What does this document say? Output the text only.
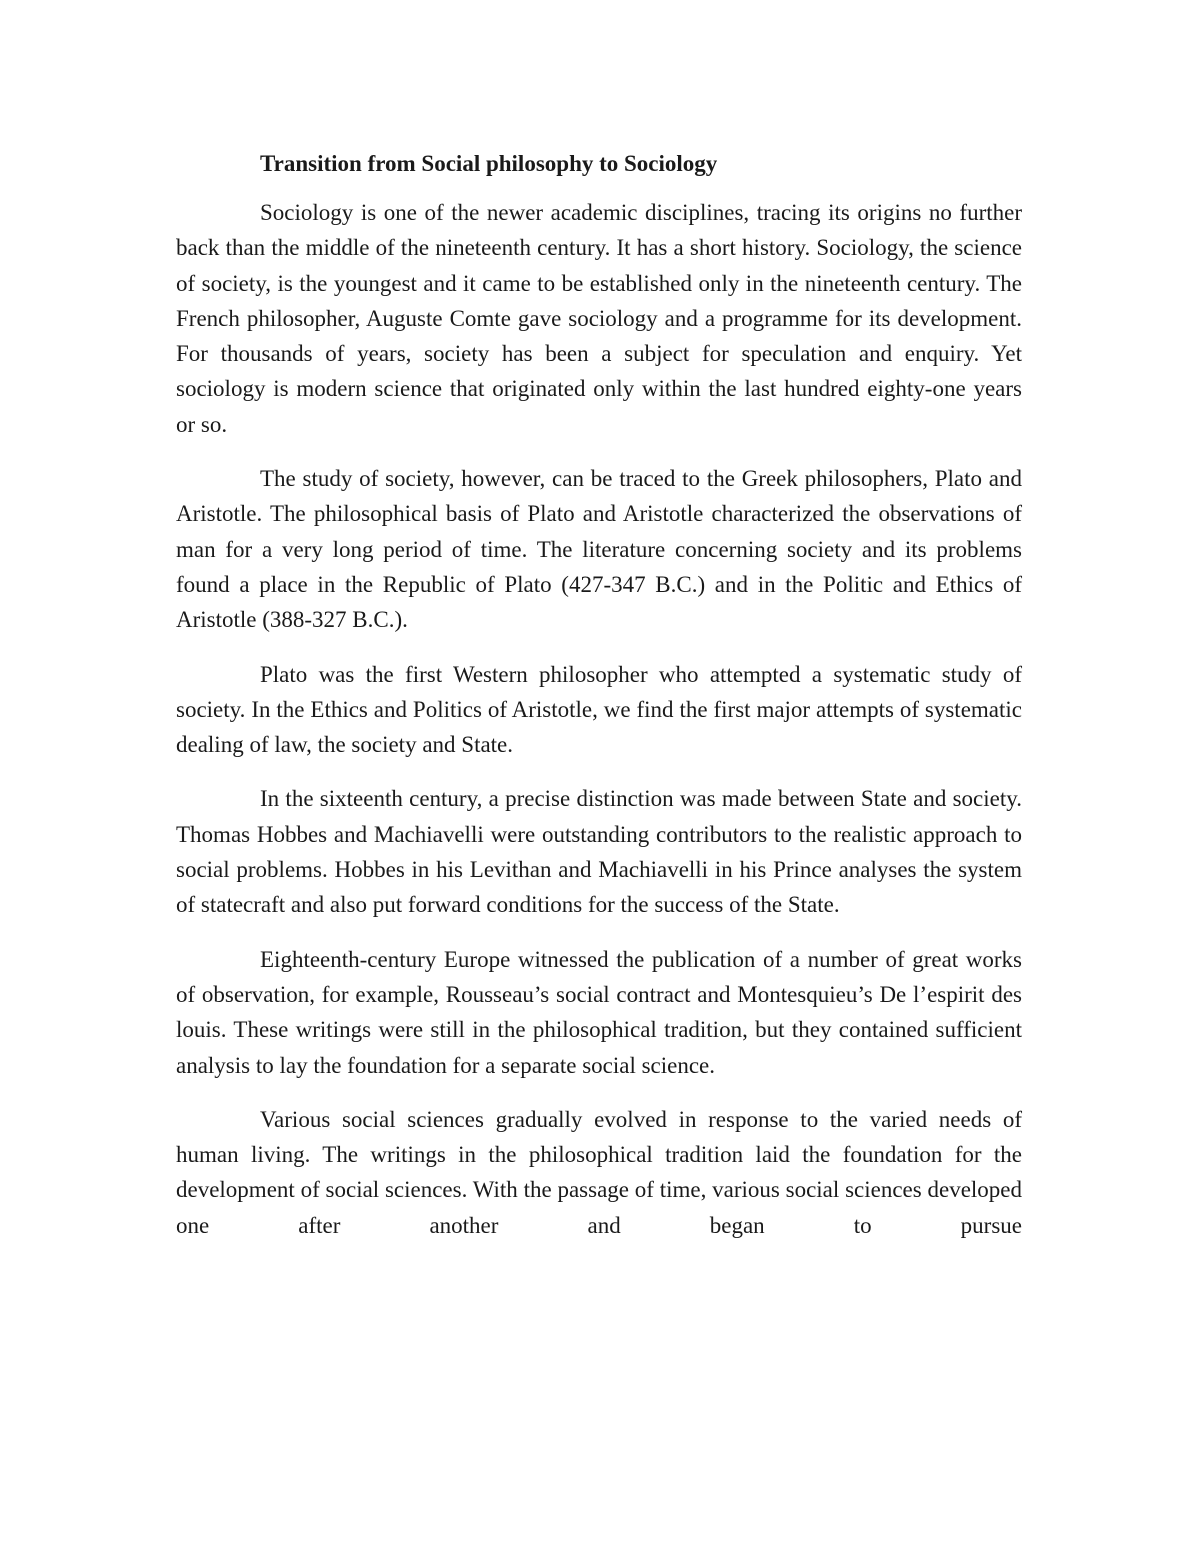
Transition from Social philosophy to Sociology

Sociology is one of the newer academic disciplines, tracing its origins no further back than the middle of the nineteenth century. It has a short history. Sociology, the science of society, is the youngest and it came to be established only in the nineteenth century. The French philosopher, Auguste Comte gave sociology and a programme for its development. For thousands of years, society has been a subject for speculation and enquiry. Yet sociology is modern science that originated only within the last hundred eighty-one years or so.

The study of society, however, can be traced to the Greek philosophers, Plato and Aristotle. The philosophical basis of Plato and Aristotle characterized the observations of man for a very long period of time. The literature concerning society and its problems found a place in the Republic of Plato (427-347 B.C.) and in the Politic and Ethics of Aristotle (388-327 B.C.).

Plato was the first Western philosopher who attempted a systematic study of society. In the Ethics and Politics of Aristotle, we find the first major attempts of systematic dealing of law, the society and State.

In the sixteenth century, a precise distinction was made between State and society. Thomas Hobbes and Machiavelli were outstanding contributors to the realistic approach to social problems. Hobbes in his Levithan and Machiavelli in his Prince analyses the system of statecraft and also put forward conditions for the success of the State.

Eighteenth-century Europe witnessed the publication of a number of great works of observation, for example, Rousseau’s social contract and Montesquieu’s De l’espirit des louis. These writings were still in the philosophical tradition, but they contained sufficient analysis to lay the foundation for a separate social science.

Various social sciences gradually evolved in response to the varied needs of human living. The writings in the philosophical tradition laid the foundation for the development of social sciences. With the passage of time, various social sciences developed one after another and began to pursue
